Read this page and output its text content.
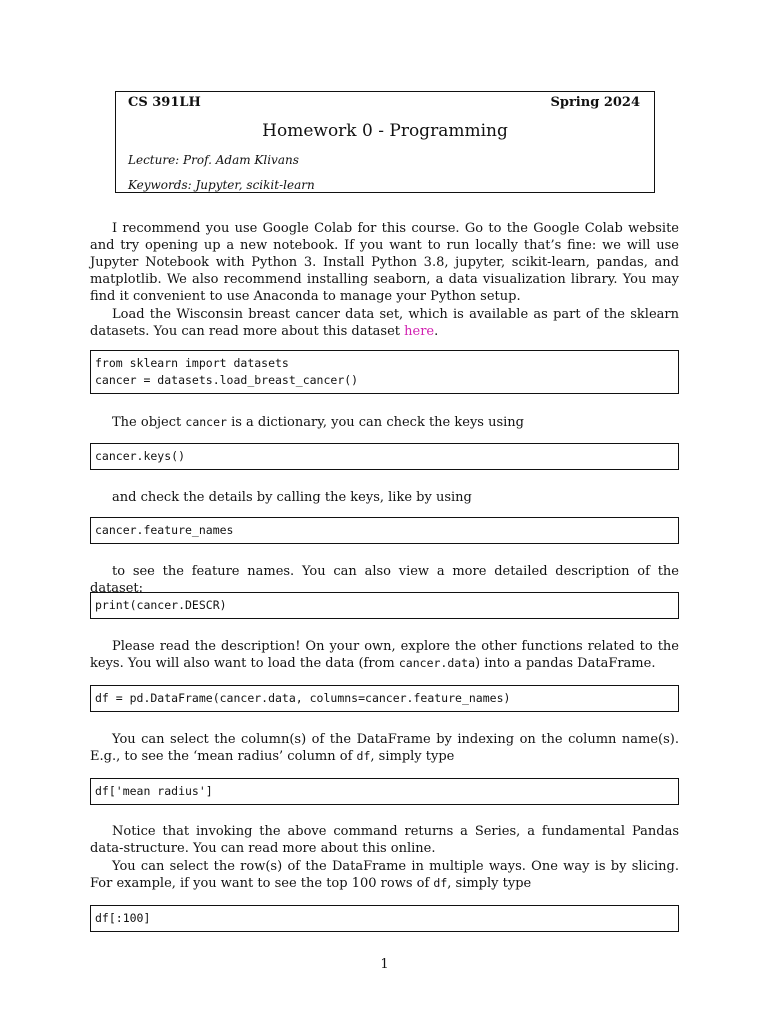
CS 391LH	Spring 2024
Homework 0 - Programming
Lecture: Prof. Adam Klivans
Keywords: Jupyter, scikit-learn

I recommend you use Google Colab for this course. Go to the Google Colab website and try opening up a new notebook. If you want to run locally that’s fine: we will use Jupyter Notebook with Python 3. Install Python 3.8, jupyter, scikit-learn, pandas, and matplotlib. We also recommend installing seaborn, a data visualization library. You may find it convenient to use Anaconda to manage your Python setup.

Load the Wisconsin breast cancer data set, which is available as part of the sklearn datasets. You can read more about this dataset here.

from sklearn import datasets
cancer = datasets.load_breast_cancer()

The object cancer is a dictionary, you can check the keys using

cancer.keys()

and check the details by calling the keys, like by using

cancer.feature_names

to see the feature names. You can also view a more detailed description of the dataset:

print(cancer.DESCR)

Please read the description! On your own, explore the other functions related to the keys. You will also want to load the data (from cancer.data) into a pandas DataFrame.

df = pd.DataFrame(cancer.data, columns=cancer.feature_names)

You can select the column(s) of the DataFrame by indexing on the column name(s). E.g., to see the ‘mean radius’ column of df, simply type

df['mean radius']

Notice that invoking the above command returns a Series, a fundamental Pandas data-structure. You can read more about this online.

You can select the row(s) of the DataFrame in multiple ways. One way is by slicing. For example, if you want to see the top 100 rows of df, simply type

df[:100]
1
